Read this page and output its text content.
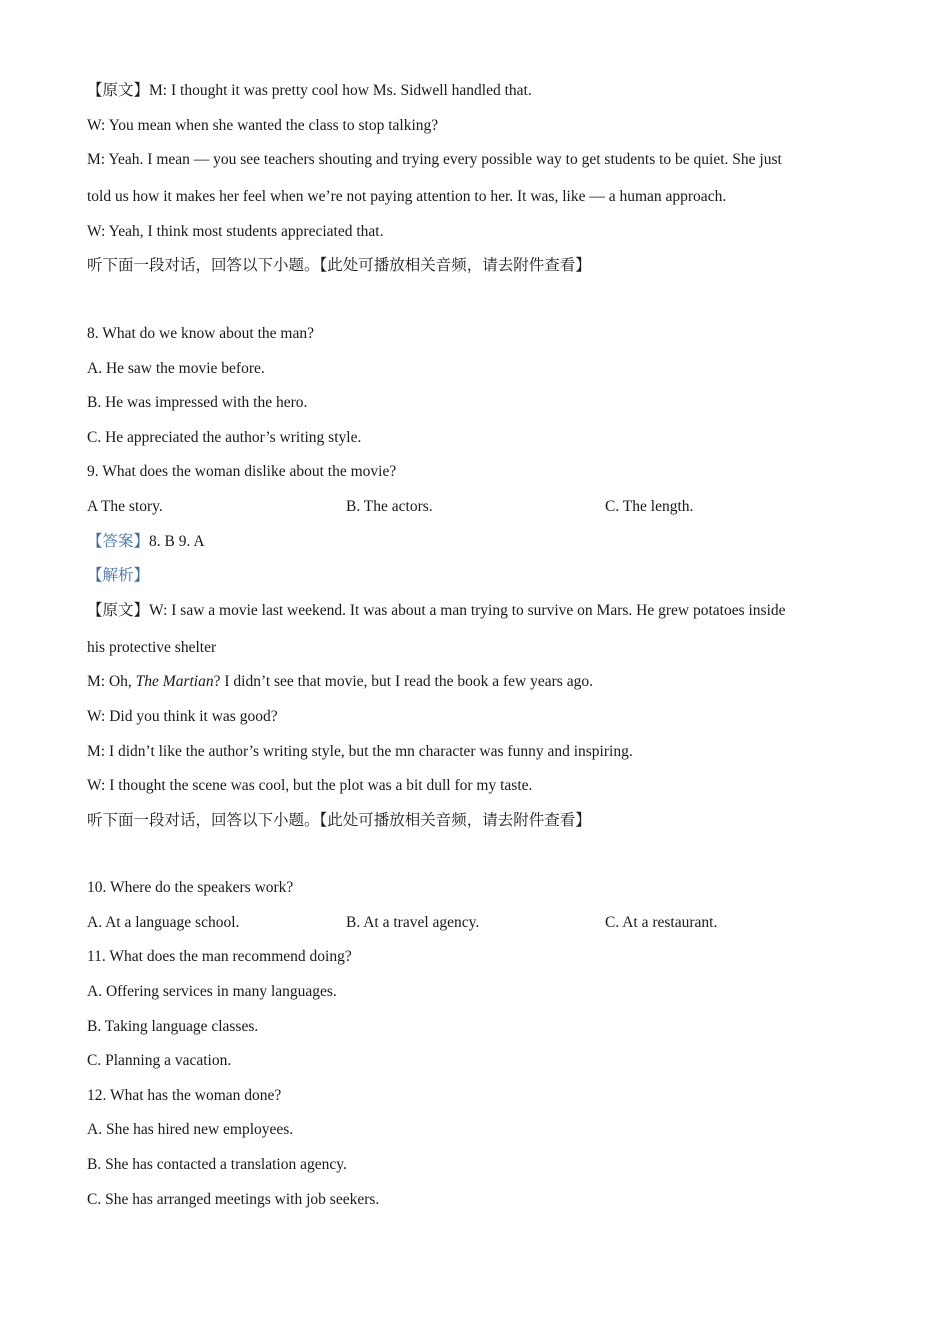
【原文】M: I thought it was pretty cool how Ms. Sidwell handled that.
W: You mean when she wanted the class to stop talking?
M: Yeah. I mean — you see teachers shouting and trying every possible way to get students to be quiet. She just
told us how it makes her feel when we’re not paying attention to her. It was, like — a human approach.
W: Yeah, I think most students appreciated that.
听下面一段对话，回答以下小题。【此处可播放相关音频，请去附件查看】
8. What do we know about the man?
A. He saw the movie before.
B. He was impressed with the hero.
C. He appreciated the author’s writing style.
9. What does the woman dislike about the movie?
A The story.	B. The actors.	C. The length.
【答案】8. B 9. A
【解析】
【原文】W: I saw a movie last weekend. It was about a man trying to survive on Mars. He grew potatoes inside
his protective shelter
M: Oh, The Martian? I didn’t see that movie, but I read the book a few years ago.
W: Did you think it was good?
M: I didn’t like the author’s writing style, but the mn character was funny and inspiring.
W: I thought the scene was cool, but the plot was a bit dull for my taste.
听下面一段对话，回答以下小题。【此处可播放相关音频，请去附件查看】
10. Where do the speakers work?
A. At a language school.	B. At a travel agency.	C. At a restaurant.
11. What does the man recommend doing?
A. Offering services in many languages.
B. Taking language classes.
C. Planning a vacation.
12. What has the woman done?
A. She has hired new employees.
B. She has contacted a translation agency.
C. She has arranged meetings with job seekers.
